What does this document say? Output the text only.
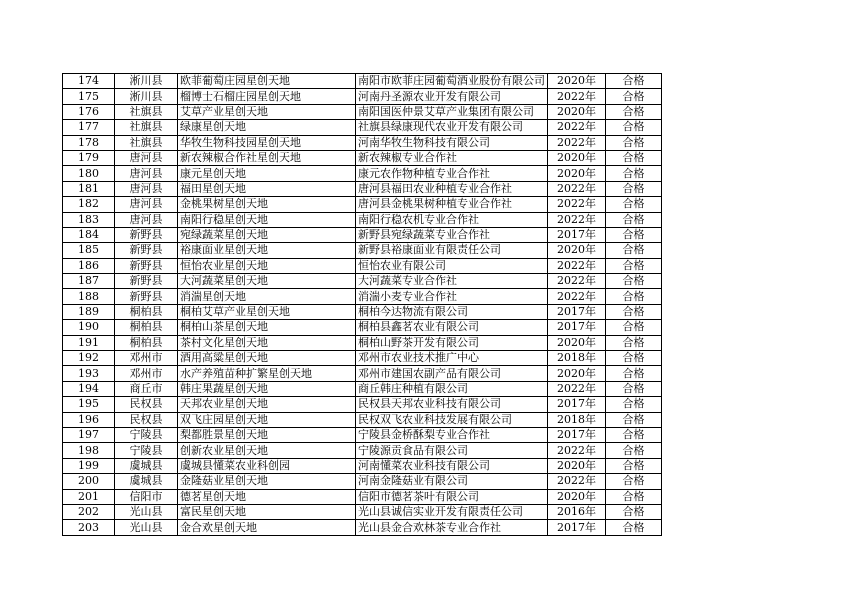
174	淅川县	欧菲葡萄庄园星创天地	南阳市欧菲庄园葡萄酒业股份有限公司	2020年	合格
175	淅川县	榴博士石榴庄园星创天地	河南丹圣源农业开发有限公司	2022年	合格
176	社旗县	艾草产业星创天地	南阳国医仲景艾草产业集团有限公司	2020年	合格
177	社旗县	绿康星创天地	社旗县绿康现代农业开发有限公司	2022年	合格
178	社旗县	华牧生物科技园星创天地	河南华牧生物科技有限公司	2022年	合格
179	唐河县	新农辣椒合作社星创天地	新农辣椒专业合作社	2020年	合格
180	唐河县	康元星创天地	康元农作物种植专业合作社	2020年	合格
181	唐河县	福田星创天地	唐河县福田农业种植专业合作社	2022年	合格
182	唐河县	金桃果树星创天地	唐河县金桃果树种植专业合作社	2022年	合格
183	唐河县	南阳行稳星创天地	南阳行稳农机专业合作社	2022年	合格
184	新野县	宛绿蔬菜星创天地	新野县宛绿蔬菜专业合作社	2017年	合格
185	新野县	裕康面业星创天地	新野县裕康面业有限责任公司	2020年	合格
186	新野县	恒怡农业星创天地	恒怡农业有限公司	2022年	合格
187	新野县	大河蔬菜星创天地	大河蔬菜专业合作社	2022年	合格
188	新野县	消湍星创天地	消湍小麦专业合作社	2022年	合格
189	桐柏县	桐柏艾草产业星创天地	桐柏今达物流有限公司	2017年	合格
190	桐柏县	桐柏山茶星创天地	桐柏县鑫茗农业有限公司	2017年	合格
191	桐柏县	茶村文化星创天地	桐柏山野茶开发有限公司	2020年	合格
192	邓州市	酒用高粱星创天地	邓州市农业技术推广中心	2018年	合格
193	邓州市	水产养殖苗种扩繁星创天地	邓州市建国农副产品有限公司	2020年	合格
194	商丘市	韩庄果蔬星创天地	商丘韩庄种植有限公司	2022年	合格
195	民权县	天邦农业星创天地	民权县天邦农业科技有限公司	2017年	合格
196	民权县	双飞庄园星创天地	民权双飞农业科技发展有限公司	2018年	合格
197	宁陵县	梨都胜景星创天地	宁陵县金桥酥梨专业合作社	2017年	合格
198	宁陵县	创新农业星创天地	宁陵源贡食品有限公司	2022年	合格
199	虞城县	虞城县懂菜农业科创园	河南懂菜农业科技有限公司	2020年	合格
200	虞城县	金隆菇业星创天地	河南金隆菇业有限公司	2022年	合格
201	信阳市	德茗星创天地	信阳市德茗茶叶有限公司	2020年	合格
202	光山县	富民星创天地	光山县诚信实业开发有限责任公司	2016年	合格
203	光山县	金合欢星创天地	光山县金合欢林茶专业合作社	2017年	合格
